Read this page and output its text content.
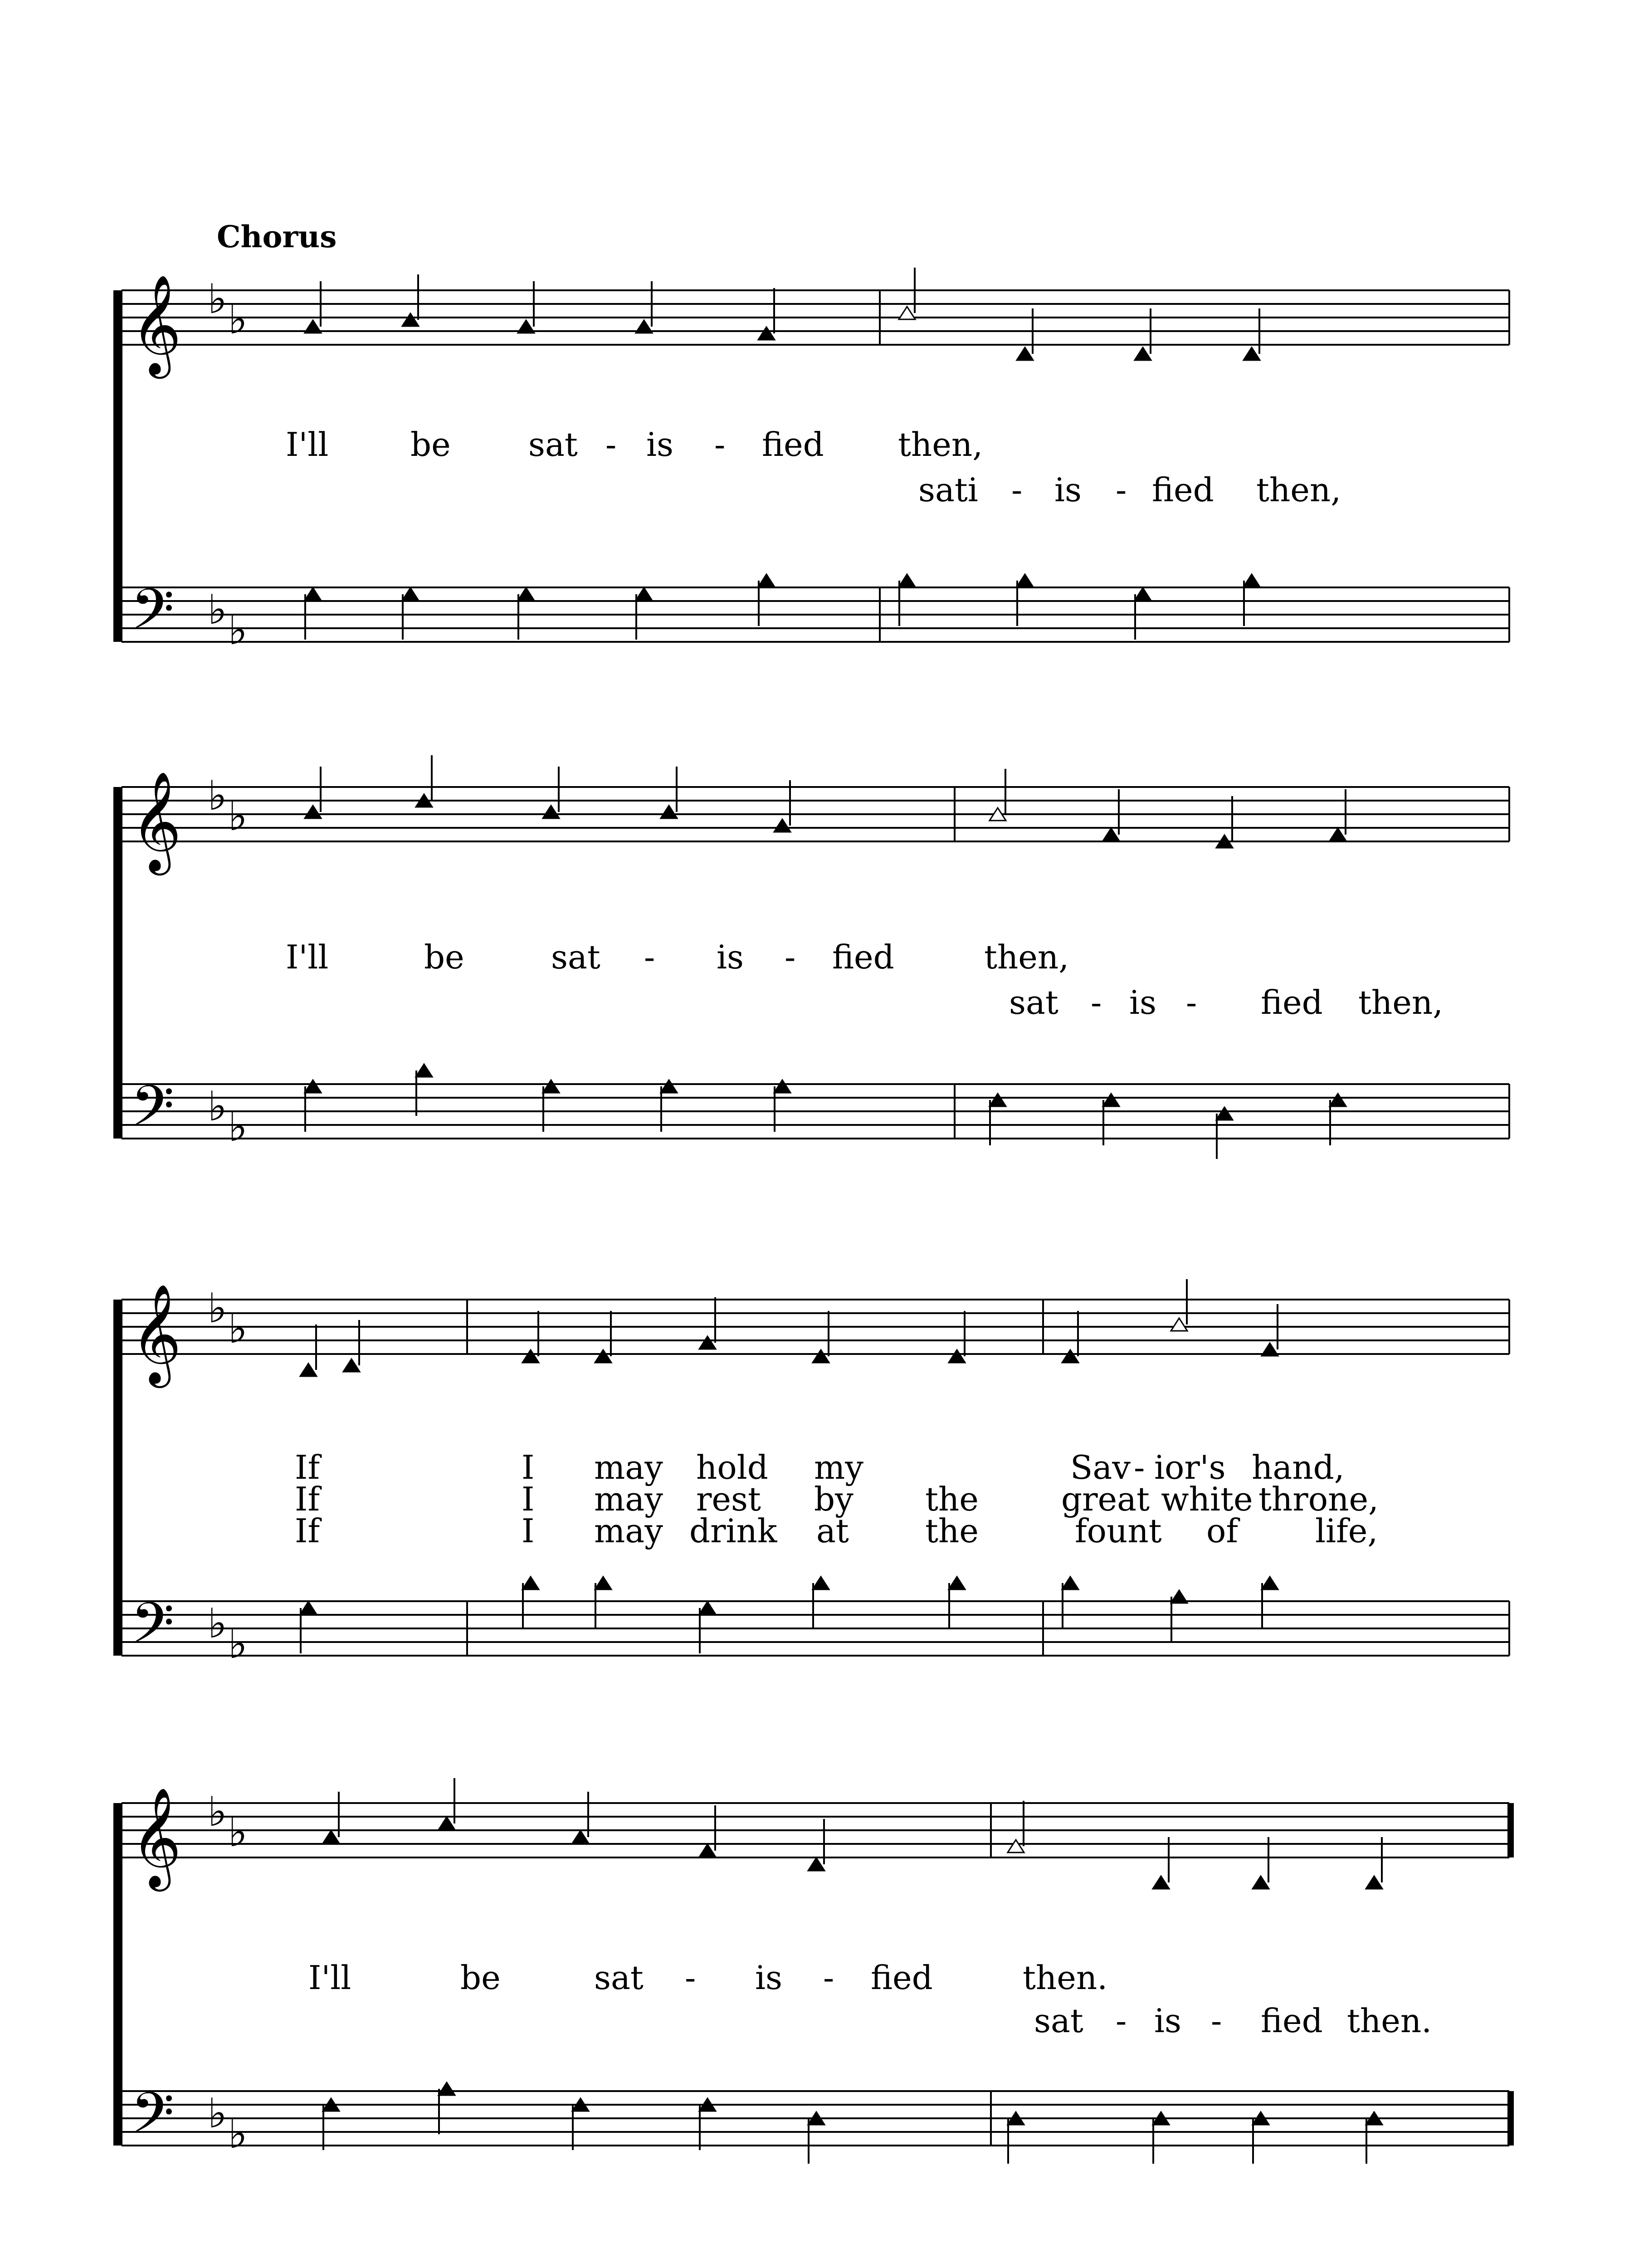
Chorus
𝄞
𝄢
♭ ♭
♭ ♭
𝄞
𝄢
♭ ♭
♭ ♭
𝄞
𝄢
♭ ♭
♭ ♭
𝄞
𝄢
♭ ♭
♭ ♭
I'll	be sat - is - fied then,
sati - is - fied then,
I'll	be	sat - is - fied	then,
sat - is - fied then,
If	I may hold my	Sav - ior's hand,
If	I may rest by the	great white throne,
If	I may drink at the	fount of life,
I'll	be	sat - is - fied	then.
sat - is - fied then.
